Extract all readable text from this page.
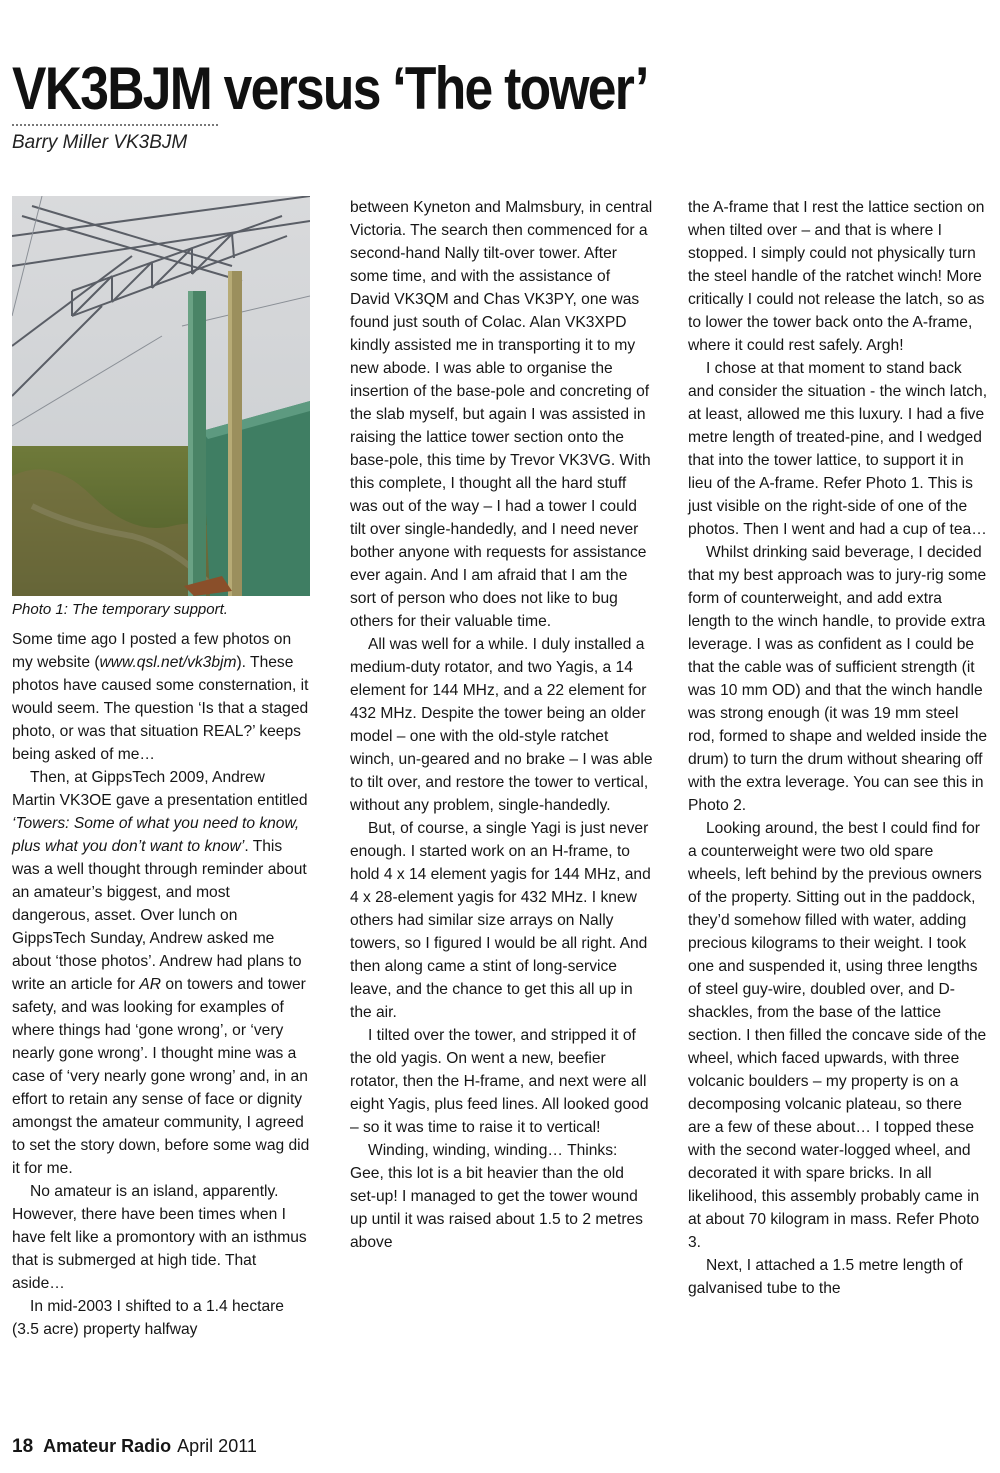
VK3BJM versus ‘The tower’
Barry Miller VK3BJM
Photo 1: The temporary support.

Some time ago I posted a few photos on my website (www.qsl.net/vk3bjm). These photos have caused some consternation, it would seem. The question ‘Is that a staged photo, or was that situation REAL?’ keeps being asked of me…

Then, at GippsTech 2009, Andrew Martin VK3OE gave a presentation entitled ‘Towers: Some of what you need to know, plus what you don’t want to know’. This was a well thought through reminder about an amateur’s biggest, and most dangerous, asset. Over lunch on GippsTech Sunday, Andrew asked me about ‘those photos’. Andrew had plans to write an article for AR on towers and tower safety, and was looking for examples of where things had ‘gone wrong’, or ‘very nearly gone wrong’. I thought mine was a case of ‘very nearly gone wrong’ and, in an effort to retain any sense of face or dignity amongst the amateur community, I agreed to set the story down, before some wag did it for me.

No amateur is an island, apparently. However, there have been times when I have felt like a promontory with an isthmus that is submerged at high tide. That aside…

In mid-2003 I shifted to a 1.4 hectare (3.5 acre) property halfway

between Kyneton and Malmsbury, in central Victoria. The search then commenced for a second-hand Nally tilt-over tower. After some time, and with the assistance of David VK3QM and Chas VK3PY, one was found just south of Colac. Alan VK3XPD kindly assisted me in transporting it to my new abode. I was able to organise the insertion of the base-pole and concreting of the slab myself, but again I was assisted in raising the lattice tower section onto the base-pole, this time by Trevor VK3VG. With this complete, I thought all the hard stuff was out of the way – I had a tower I could tilt over single-handedly, and I need never bother anyone with requests for assistance ever again. And I am afraid that I am the sort of person who does not like to bug others for their valuable time.

All was well for a while. I duly installed a medium-duty rotator, and two Yagis, a 14 element for 144 MHz, and a 22 element for 432 MHz. Despite the tower being an older model – one with the old-style ratchet winch, un-geared and no brake – I was able to tilt over, and restore the tower to vertical, without any problem, single-handedly.

But, of course, a single Yagi is just never enough. I started work on an H-frame, to hold 4 x 14 element yagis for 144 MHz, and 4 x 28-element yagis for 432 MHz. I knew others had similar size arrays on Nally towers, so I figured I would be all right. And then along came a stint of long-service leave, and the chance to get this all up in the air.

I tilted over the tower, and stripped it of the old yagis. On went a new, beefier rotator, then the H-frame, and next were all eight Yagis, plus feed lines. All looked good – so it was time to raise it to vertical!

Winding, winding, winding… Thinks: Gee, this lot is a bit heavier than the old set-up! I managed to get the tower wound up until it was raised about 1.5 to 2 metres above

the A-frame that I rest the lattice section on when tilted over – and that is where I stopped. I simply could not physically turn the steel handle of the ratchet winch! More critically I could not release the latch, so as to lower the tower back onto the A-frame, where it could rest safely. Argh!

I chose at that moment to stand back and consider the situation - the winch latch, at least, allowed me this luxury. I had a five metre length of treated-pine, and I wedged that into the tower lattice, to support it in lieu of the A-frame. Refer Photo 1. This is just visible on the right-side of one of the photos. Then I went and had a cup of tea…

Whilst drinking said beverage, I decided that my best approach was to jury-rig some form of counterweight, and add extra length to the winch handle, to provide extra leverage. I was as confident as I could be that the cable was of sufficient strength (it was 10 mm OD) and that the winch handle was strong enough (it was 19 mm steel rod, formed to shape and welded inside the drum) to turn the drum without shearing off with the extra leverage. You can see this in Photo 2.

Looking around, the best I could find for a counterweight were two old spare wheels, left behind by the previous owners of the property. Sitting out in the paddock, they’d somehow filled with water, adding precious kilograms to their weight. I took one and suspended it, using three lengths of steel guy-wire, doubled over, and D-shackles, from the base of the lattice section. I then filled the concave side of the wheel, which faced upwards, with three volcanic boulders – my property is on a decomposing volcanic plateau, so there are a few of these about… I topped these with the second water-logged wheel, and decorated it with spare bricks. In all likelihood, this assembly probably came in at about 70 kilogram in mass. Refer Photo 3.

Next, I attached a 1.5 metre length of galvanised tube to the

18 Amateur Radio April 2011
